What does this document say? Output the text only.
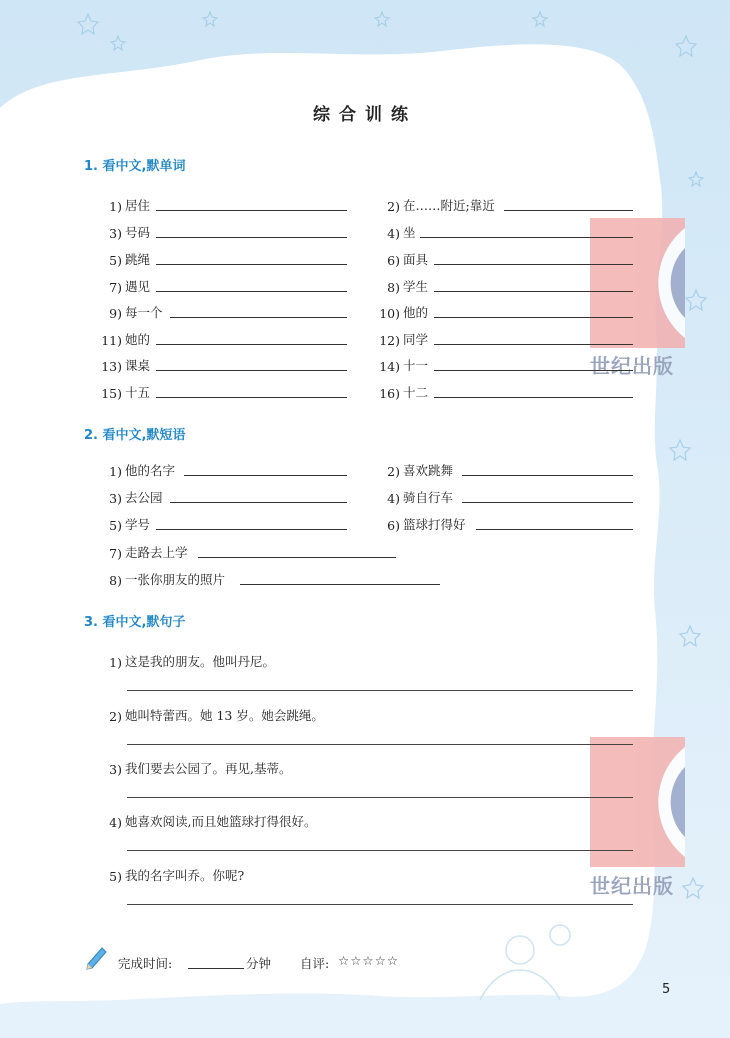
世纪出版
世纪出版
综合训练
1. 看中文,默单词
1) 居住	2) 在……附近;靠近
3) 号码	4) 坐
5) 跳绳	6) 面具
7) 遇见	8) 学生
9) 每一个	10) 他的
11) 她的	12) 同学
13) 课桌	14) 十一
15) 十五	16) 十二
2. 看中文,默短语
1) 他的名字	2) 喜欢跳舞
3) 去公园	4) 骑自行车
5) 学号	6) 篮球打得好
7) 走路去上学
8) 一张你朋友的照片
3. 看中文,默句子
1) 这是我的朋友。他叫丹尼。
2) 她叫特蕾西。她 13 岁。她会跳绳。
3) 我们要去公园了。再见,基蒂。
4) 她喜欢阅读,而且她篮球打得很好。
5) 我的名字叫乔。你呢?
完成时间:	分钟 自评: ☆☆☆☆☆
5
